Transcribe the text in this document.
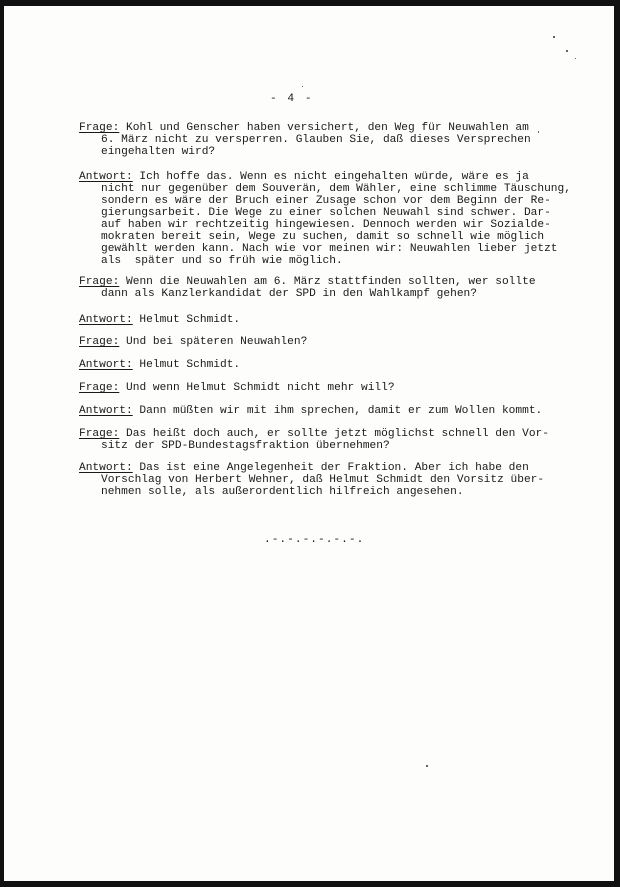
- 4 -
Frage: Kohl und Genscher haben versichert, den Weg für Neuwahlen am
6. März nicht zu versperren. Glauben Sie, daß dieses Versprechen
eingehalten wird?
Antwort: Ich hoffe das. Wenn es nicht eingehalten würde, wäre es ja
nicht nur gegenüber dem Souverän, dem Wähler, eine schlimme Täuschung,
sondern es wäre der Bruch einer Zusage schon vor dem Beginn der Re-
gierungsarbeit. Die Wege zu einer solchen Neuwahl sind schwer. Dar-
auf haben wir rechtzeitig hingewiesen. Dennoch werden wir Sozialde-
mokraten bereit sein, Wege zu suchen, damit so schnell wie möglich
gewählt werden kann. Nach wie vor meinen wir: Neuwahlen lieber jetzt
als  später und so früh wie möglich.
Frage: Wenn die Neuwahlen am 6. März stattfinden sollten, wer sollte
dann als Kanzlerkandidat der SPD in den Wahlkampf gehen?
Antwort: Helmut Schmidt.
Frage: Und bei späteren Neuwahlen?
Antwort: Helmut Schmidt.
Frage: Und wenn Helmut Schmidt nicht mehr will?
Antwort: Dann müßten wir mit ihm sprechen, damit er zum Wollen kommt.
Frage: Das heißt doch auch, er sollte jetzt möglichst schnell den Vor-
sitz der SPD-Bundestagsfraktion übernehmen?
Antwort: Das ist eine Angelegenheit der Fraktion. Aber ich habe den
Vorschlag von Herbert Wehner, daß Helmut Schmidt den Vorsitz über-
nehmen solle, als außerordentlich hilfreich angesehen.
.-.-.-.-.-.-.
